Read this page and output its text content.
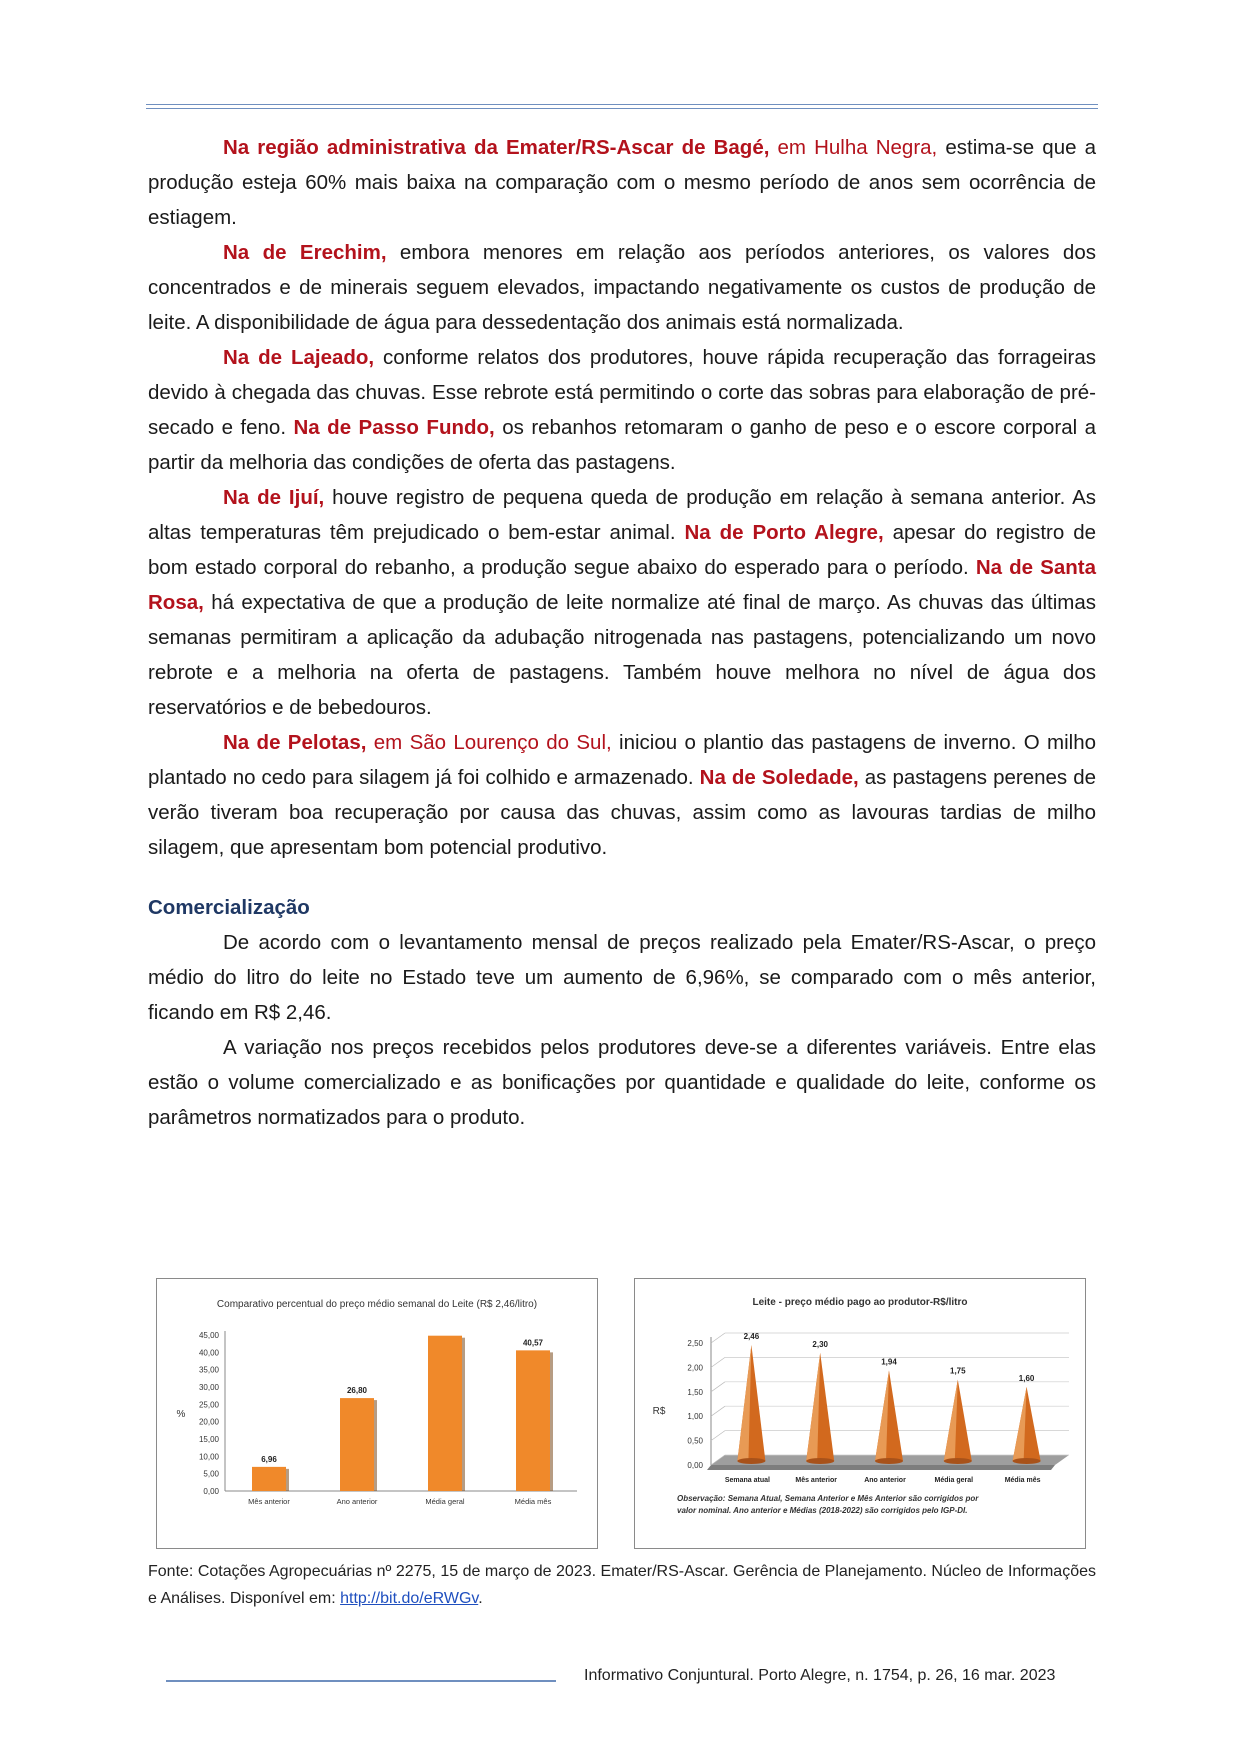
Na região administrativa da Emater/RS-Ascar de Bagé, em Hulha Negra, estima-se que a produção esteja 60% mais baixa na comparação com o mesmo período de anos sem ocorrência de estiagem.

Na de Erechim, embora menores em relação aos períodos anteriores, os valores dos concentrados e de minerais seguem elevados, impactando negativamente os custos de produção de leite. A disponibilidade de água para dessedentação dos animais está normalizada.

Na de Lajeado, conforme relatos dos produtores, houve rápida recuperação das forrageiras devido à chegada das chuvas. Esse rebrote está permitindo o corte das sobras para elaboração de pré-secado e feno. Na de Passo Fundo, os rebanhos retomaram o ganho de peso e o escore corporal a partir da melhoria das condições de oferta das pastagens.

Na de Ijuí, houve registro de pequena queda de produção em relação à semana anterior. As altas temperaturas têm prejudicado o bem-estar animal. Na de Porto Alegre, apesar do registro de bom estado corporal do rebanho, a produção segue abaixo do esperado para o período. Na de Santa Rosa, há expectativa de que a produção de leite normalize até final de março. As chuvas das últimas semanas permitiram a aplicação da adubação nitrogenada nas pastagens, potencializando um novo rebrote e a melhoria na oferta de pastagens. Também houve melhora no nível de água dos reservatórios e de bebedouros.

Na de Pelotas, em São Lourenço do Sul, iniciou o plantio das pastagens de inverno. O milho plantado no cedo para silagem já foi colhido e armazenado. Na de Soledade, as pastagens perenes de verão tiveram boa recuperação por causa das chuvas, assim como as lavouras tardias de milho silagem, que apresentam bom potencial produtivo.

Comercialização

De acordo com o levantamento mensal de preços realizado pela Emater/RS-Ascar, o preço médio do litro do leite no Estado teve um aumento de 6,96%, se comparado com o mês anterior, ficando em R$ 2,46.

A variação nos preços recebidos pelos produtores deve-se a diferentes variáveis. Entre elas estão o volume comercializado e as bonificações por quantidade e qualidade do leite, conforme os parâmetros normatizados para o produto.

Comparativo percentual do preço médio semanal do Leite (R$ 2,46/litro)
%
0,00
5,00
10,00
15,00
20,00
25,00
30,00
35,00
40,00
45,00
6,96
Mês anterior
26,80
Ano anterior	Média geral
40,57
Média mês
Leite - preço médio pago ao produtor-R$/litro
R$
0,00
0,50
1,00
1,50
2,00
2,50
2,46
Semana atual
2,30
Mês anterior
1,94
Ano anterior
1,75
Média geral
1,60
Média mês
Observação: Semana Atual, Semana Anterior e Mês Anterior são corrigidos por
valor nominal. Ano anterior e Médias (2018-2022) são corrigidos pelo IGP-DI.
Fonte: Cotações Agropecuárias nº 2275, 15 de março de 2023. Emater/RS-Ascar. Gerência de Planejamento. Núcleo de Informações e Análises. Disponível em: http://bit.do/eRWGv.
Informativo Conjuntural. Porto Alegre, n. 1754, p. 26, 16 mar. 2023
